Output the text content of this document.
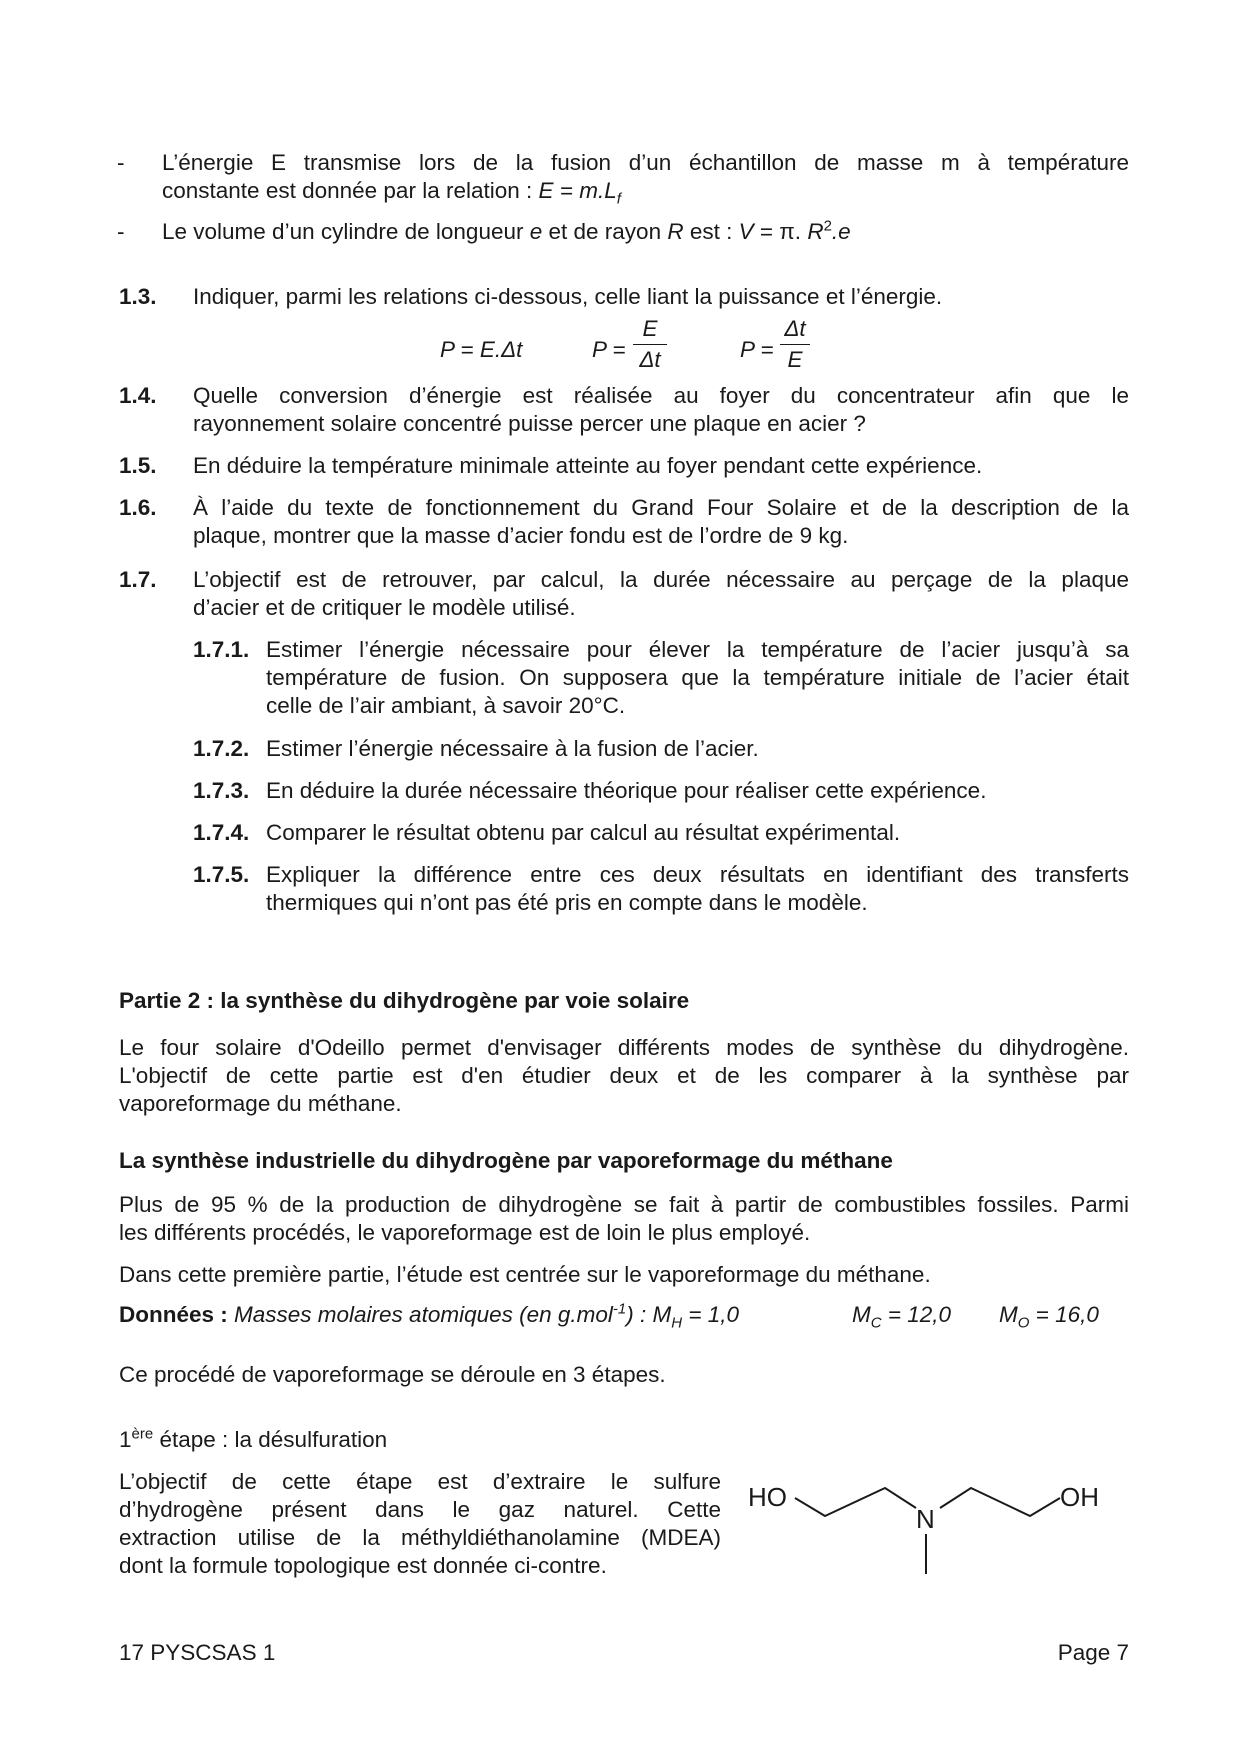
- L’énergie E transmise lors de la fusion d’un échantillon de masse m à température
constante est donnée par la relation : $E = m.L_f$
- Le volume d’un cylindre de longueur e et de rayon R est : V = π. $R^2.e$
1.3. Indiquer, parmi les relations ci-dessous, celle liant la puissance et l’énergie.
P = E.Δt	P =
E
Δt	P =
Δt
E
1.4. Quelle conversion d’énergie est réalisée au foyer du concentrateur afin que le
rayonnement solaire concentré puisse percer une plaque en acier ?
1.5. En déduire la température minimale atteinte au foyer pendant cette expérience.
1.6. À l’aide du texte de fonctionnement du Grand Four Solaire et de la description de la
plaque, montrer que la masse d’acier fondu est de l’ordre de 9 kg.
1.7. L’objectif est de retrouver, par calcul, la durée nécessaire au perçage de la plaque
d’acier et de critiquer le modèle utilisé.
1.7.1. Estimer l’énergie nécessaire pour élever la température de l’acier jusqu’à sa
température de fusion. On supposera que la température initiale de l’acier était
celle de l’air ambiant, à savoir 20°C.
1.7.2. Estimer l’énergie nécessaire à la fusion de l’acier.
1.7.3. En déduire la durée nécessaire théorique pour réaliser cette expérience.
1.7.4. Comparer le résultat obtenu par calcul au résultat expérimental.
1.7.5. Expliquer la différence entre ces deux résultats en identifiant des transferts
thermiques qui n’ont pas été pris en compte dans le modèle.
Partie 2 : la synthèse du dihydrogène par voie solaire
Le four solaire d'Odeillo permet d'envisager différents modes de synthèse du dihydrogène.
L'objectif de cette partie est d'en étudier deux et de les comparer à la synthèse par
vaporeformage du méthane.
La synthèse industrielle du dihydrogène par vaporeformage du méthane
Plus de 95 % de la production de dihydrogène se fait à partir de combustibles fossiles. Parmi
les différents procédés, le vaporeformage est de loin le plus employé.
Dans cette première partie, l’étude est centrée sur le vaporeformage du méthane.
Données : Masses molaires atomiques (en g.mol$^{-1}$) : $M_H = 1,0$	$M_C = 12,0$ $M_O = 16,0$
Ce procédé de vaporeformage se déroule en 3 étapes.
1ère étape : la désulfuration
L’objectif de cette étape est d’extraire le sulfure
d’hydrogène présent dans le gaz naturel. Cette
extraction utilise de la méthyldiéthanolamine (MDEA)
dont la formule topologique est donnée ci-contre.
HO
N
OH
17 PYSCSAS 1	Page 7
